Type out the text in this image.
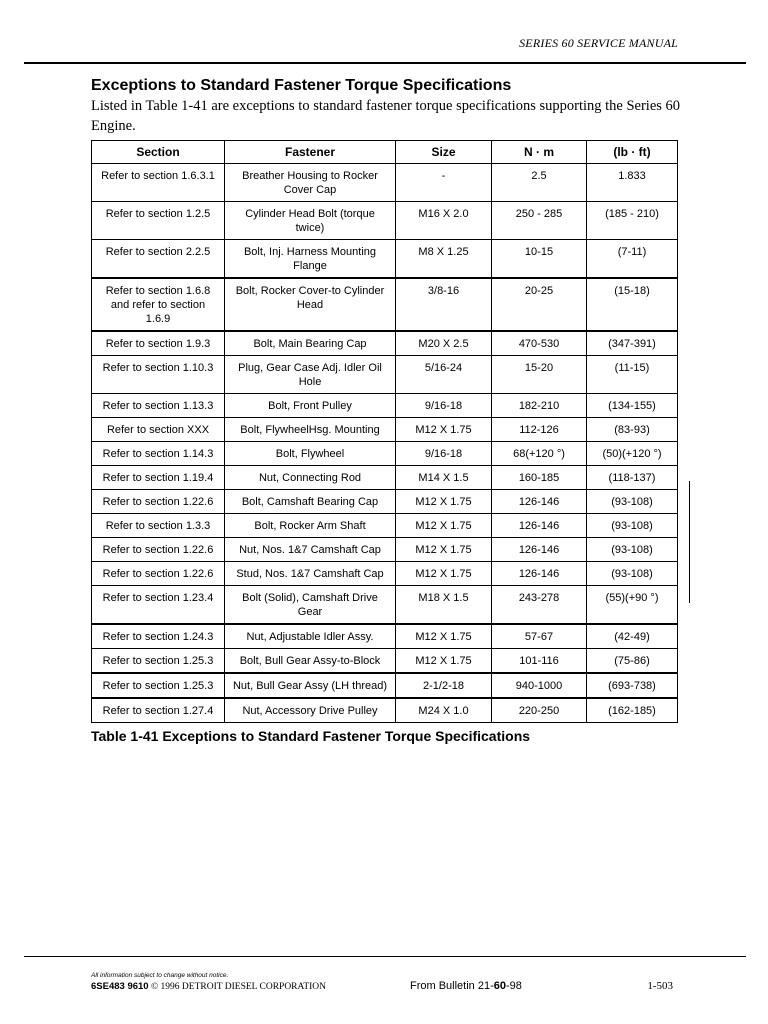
SERIES 60 SERVICE MANUAL
Exceptions to Standard Fastener Torque Specifications
Listed in Table 1-41 are exceptions to standard fastener torque specifications supporting the Series 60 Engine.
Section	Fastener	Size	N · m	(lb · ft)
Refer to section 1.6.3.1	Breather Housing to Rocker Cover Cap	-	2.5	1.833
Refer to section 1.2.5	Cylinder Head Bolt (torque twice)	M16 X 2.0	250 - 285	(185 - 210)
Refer to section 2.2.5	Bolt, Inj. Harness Mounting Flange	M8 X 1.25	10-15	(7-11)
Refer to section 1.6.8 and refer to section 1.6.9	Bolt, Rocker Cover-to Cylinder Head	3/8-16	20-25	(15-18)
Refer to section 1.9.3	Bolt, Main Bearing Cap	M20 X 2.5	470-530	(347-391)
Refer to section 1.10.3	Plug, Gear Case Adj. Idler Oil Hole	5/16-24	15-20	(11-15)
Refer to section 1.13.3	Bolt, Front Pulley	9/16-18	182-210	(134-155)
Refer to section XXX	Bolt, FlywheelHsg. Mounting	M12 X 1.75	112-126	(83-93)
Refer to section 1.14.3	Bolt, Flywheel	9/16-18	68(+120 °)	(50)(+120 °)
Refer to section 1.19.4	Nut, Connecting Rod	M14 X 1.5	160-185	(118-137)
Refer to section 1.22.6	Bolt, Camshaft Bearing Cap	M12 X 1.75	126-146	(93-108)
Refer to section 1.3.3	Bolt, Rocker Arm Shaft	M12 X 1.75	126-146	(93-108)
Refer to section 1.22.6	Nut, Nos. 1&7 Camshaft Cap	M12 X 1.75	126-146	(93-108)
Refer to section 1.22.6	Stud, Nos. 1&7 Camshaft Cap	M12 X 1.75	126-146	(93-108)
Refer to section 1.23.4	Bolt (Solid), Camshaft Drive Gear	M18 X 1.5	243-278	(55)(+90 °)
Refer to section 1.24.3	Nut, Adjustable Idler Assy.	M12 X 1.75	57-67	(42-49)
Refer to section 1.25.3	Bolt, Bull Gear Assy-to-Block	M12 X 1.75	101-116	(75-86)
Refer to section 1.25.3	Nut, Bull Gear Assy (LH thread)	2-1/2-18	940-1000	(693-738)
Refer to section 1.27.4	Nut, Accessory Drive Pulley	M24 X 1.0	220-250	(162-185)
Table 1-41 Exceptions to Standard Fastener Torque Specifications
All information subject to change without notice.
6SE483 9610 © 1996 DETROIT DIESEL CORPORATION	From Bulletin 21-60-98	1-503
